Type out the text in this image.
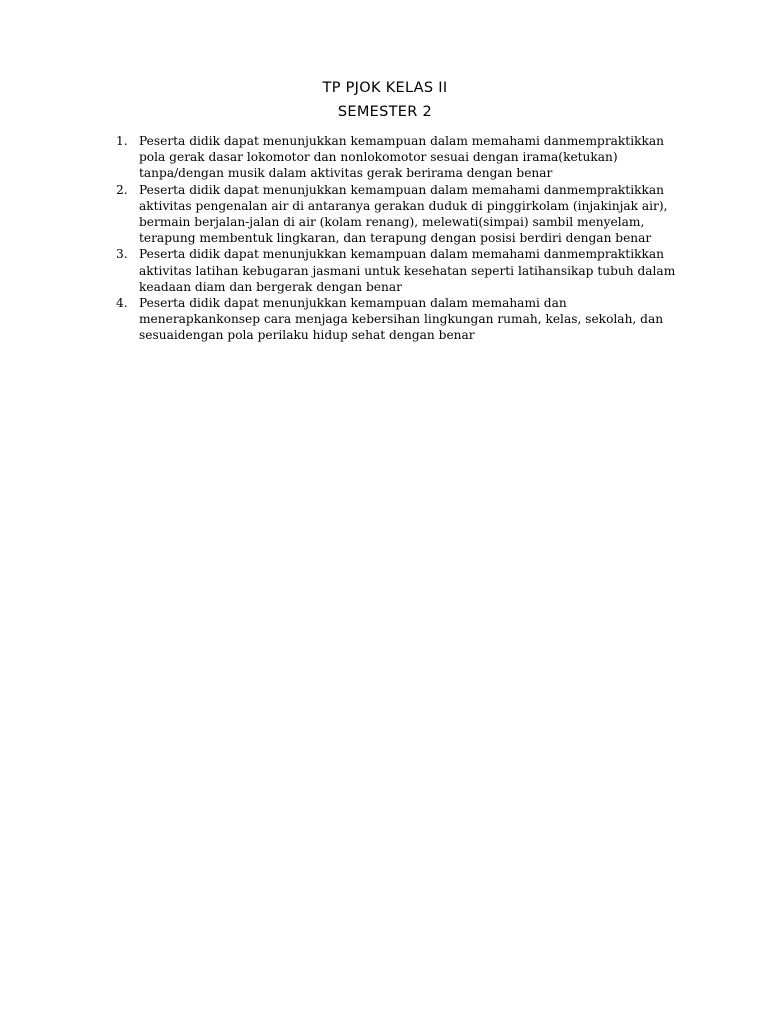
TP PJOK KELAS II

SEMESTER 2

1. Peserta didik dapat menunjukkan kemampuan dalam memahami danmempraktikkan
pola gerak dasar lokomotor dan nonlokomotor sesuai dengan irama(ketukan)
tanpa/dengan musik dalam aktivitas gerak berirama dengan benar
2. Peserta didik dapat menunjukkan kemampuan dalam memahami danmempraktikkan
aktivitas pengenalan air di antaranya gerakan duduk di pinggirkolam (injakinjak air),
bermain berjalan-jalan di air (kolam renang), melewati(simpai) sambil menyelam,
terapung membentuk lingkaran, dan terapung dengan posisi berdiri dengan benar
3. Peserta didik dapat menunjukkan kemampuan dalam memahami danmempraktikkan
aktivitas latihan kebugaran jasmani untuk kesehatan seperti latihansikap tubuh dalam
keadaan diam dan bergerak dengan benar
4. Peserta didik dapat menunjukkan kemampuan dalam memahami dan
menerapkankonsep cara menjaga kebersihan lingkungan rumah, kelas, sekolah, dan
sesuaidengan pola perilaku hidup sehat dengan benar
